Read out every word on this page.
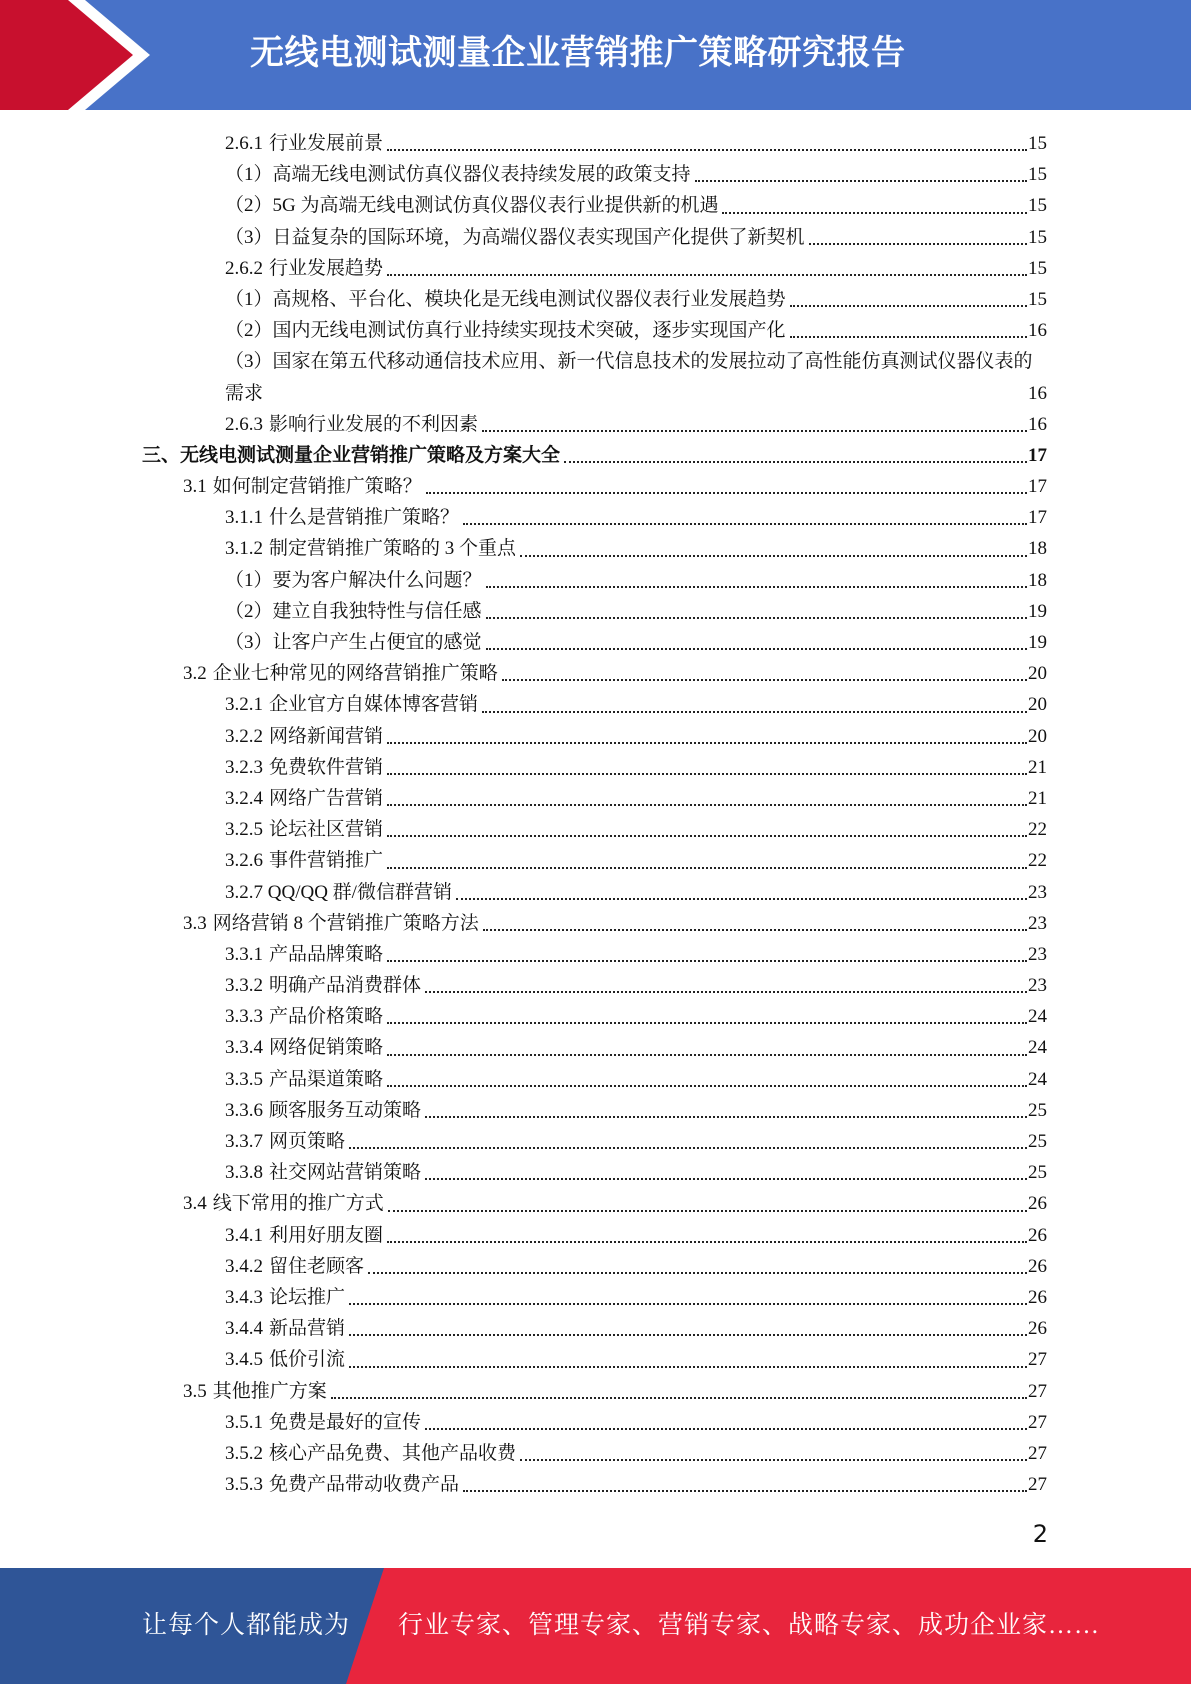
无线电测试测量企业营销推广策略研究报告
2.6.1 行业发展前景	15
（1）高端无线电测试仿真仪器仪表持续发展的政策支持	15
（2）5G 为高端无线电测试仿真仪器仪表行业提供新的机遇	15
（3）日益复杂的国际环境，为高端仪器仪表实现国产化提供了新契机	15
2.6.2 行业发展趋势	15
（1）高规格、平台化、模块化是无线电测试仪器仪表行业发展趋势	15
（2）国内无线电测试仿真行业持续实现技术突破，逐步实现国产化	16
（3）国家在第五代移动通信技术应用、新一代信息技术的发展拉动了高性能仿真测试仪器仪表的需求	16
2.6.3 影响行业发展的不利因素	16
三、无线电测试测量企业营销推广策略及方案大全	17
3.1 如何制定营销推广策略？	17
3.1.1 什么是营销推广策略？	17
3.1.2 制定营销推广策略的 3 个重点	18
（1）要为客户解决什么问题？	18
（2）建立自我独特性与信任感	19
（3）让客户产生占便宜的感觉	19
3.2 企业七种常见的网络营销推广策略	20
3.2.1 企业官方自媒体博客营销	20
3.2.2 网络新闻营销	20
3.2.3 免费软件营销	21
3.2.4 网络广告营销	21
3.2.5 论坛社区营销	22
3.2.6 事件营销推广	22
3.2.7 QQ/QQ 群/微信群营销	23
3.3 网络营销 8 个营销推广策略方法	23
3.3.1 产品品牌策略	23
3.3.2 明确产品消费群体	23
3.3.3 产品价格策略	24
3.3.4 网络促销策略	24
3.3.5 产品渠道策略	24
3.3.6 顾客服务互动策略	25
3.3.7 网页策略	25
3.3.8 社交网站营销策略	25
3.4 线下常用的推广方式	26
3.4.1 利用好朋友圈	26
3.4.2 留住老顾客	26
3.4.3 论坛推广	26
3.4.4 新品营销	26
3.4.5 低价引流	27
3.5 其他推广方案	27
3.5.1 免费是最好的宣传	27
3.5.2 核心产品免费、其他产品收费	27
3.5.3 免费产品带动收费产品	27
2
让每个人都能成为 行业专家、管理专家、营销专家、战略专家、成功企业家……
